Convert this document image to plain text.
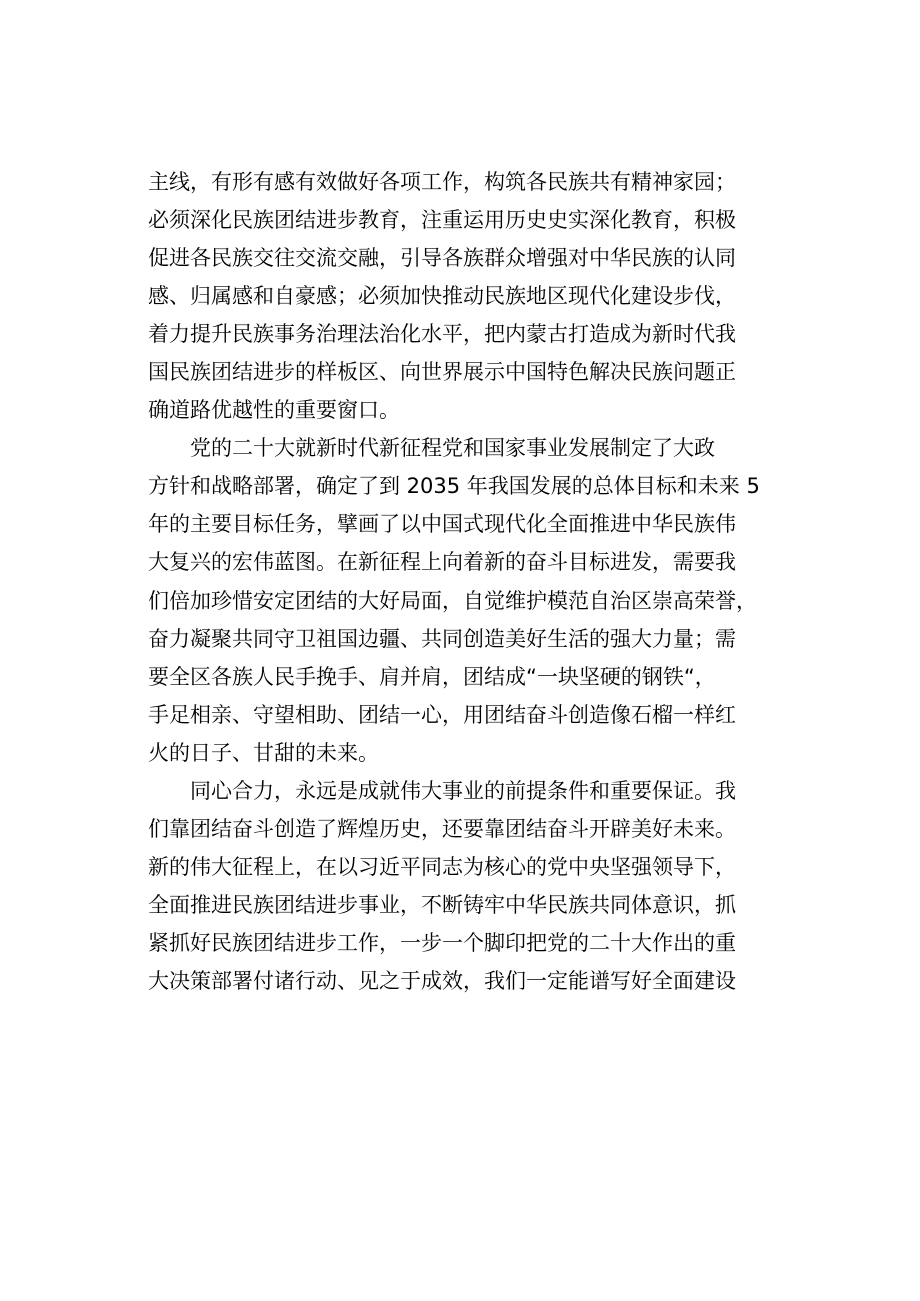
主线，有形有感有效做好各项工作，构筑各民族共有精神家园；
必须深化民族团结进步教育，注重运用历史史实深化教育，积极
促进各民族交往交流交融，引导各族群众增强对中华民族的认同
感、归属感和自豪感；必须加快推动民族地区现代化建设步伐，
着力提升民族事务治理法治化水平，把内蒙古打造成为新时代我
国民族团结进步的样板区、向世界展示中国特色解决民族问题正
确道路优越性的重要窗口。
党的二十大就新时代新征程党和国家事业发展制定了大政
方针和战略部署，确定了到 2035 年我国发展的总体目标和未来 5
年的主要目标任务，擘画了以中国式现代化全面推进中华民族伟
大复兴的宏伟蓝图。在新征程上向着新的奋斗目标进发，需要我
们倍加珍惜安定团结的大好局面，自觉维护模范自治区崇高荣誉，
奋力凝聚共同守卫祖国边疆、共同创造美好生活的强大力量；需
要全区各族人民手挽手、肩并肩，团结成“一块坚硬的钢铁“，
手足相亲、守望相助、团结一心，用团结奋斗创造像石榴一样红
火的日子、甘甜的未来。
同心合力，永远是成就伟大事业的前提条件和重要保证。我
们靠团结奋斗创造了辉煌历史，还要靠团结奋斗开辟美好未来。
新的伟大征程上，在以习近平同志为核心的党中央坚强领导下，
全面推进民族团结进步事业，不断铸牢中华民族共同体意识，抓
紧抓好民族团结进步工作，一步一个脚印把党的二十大作出的重
大决策部署付诸行动、见之于成效，我们一定能谱写好全面建设
